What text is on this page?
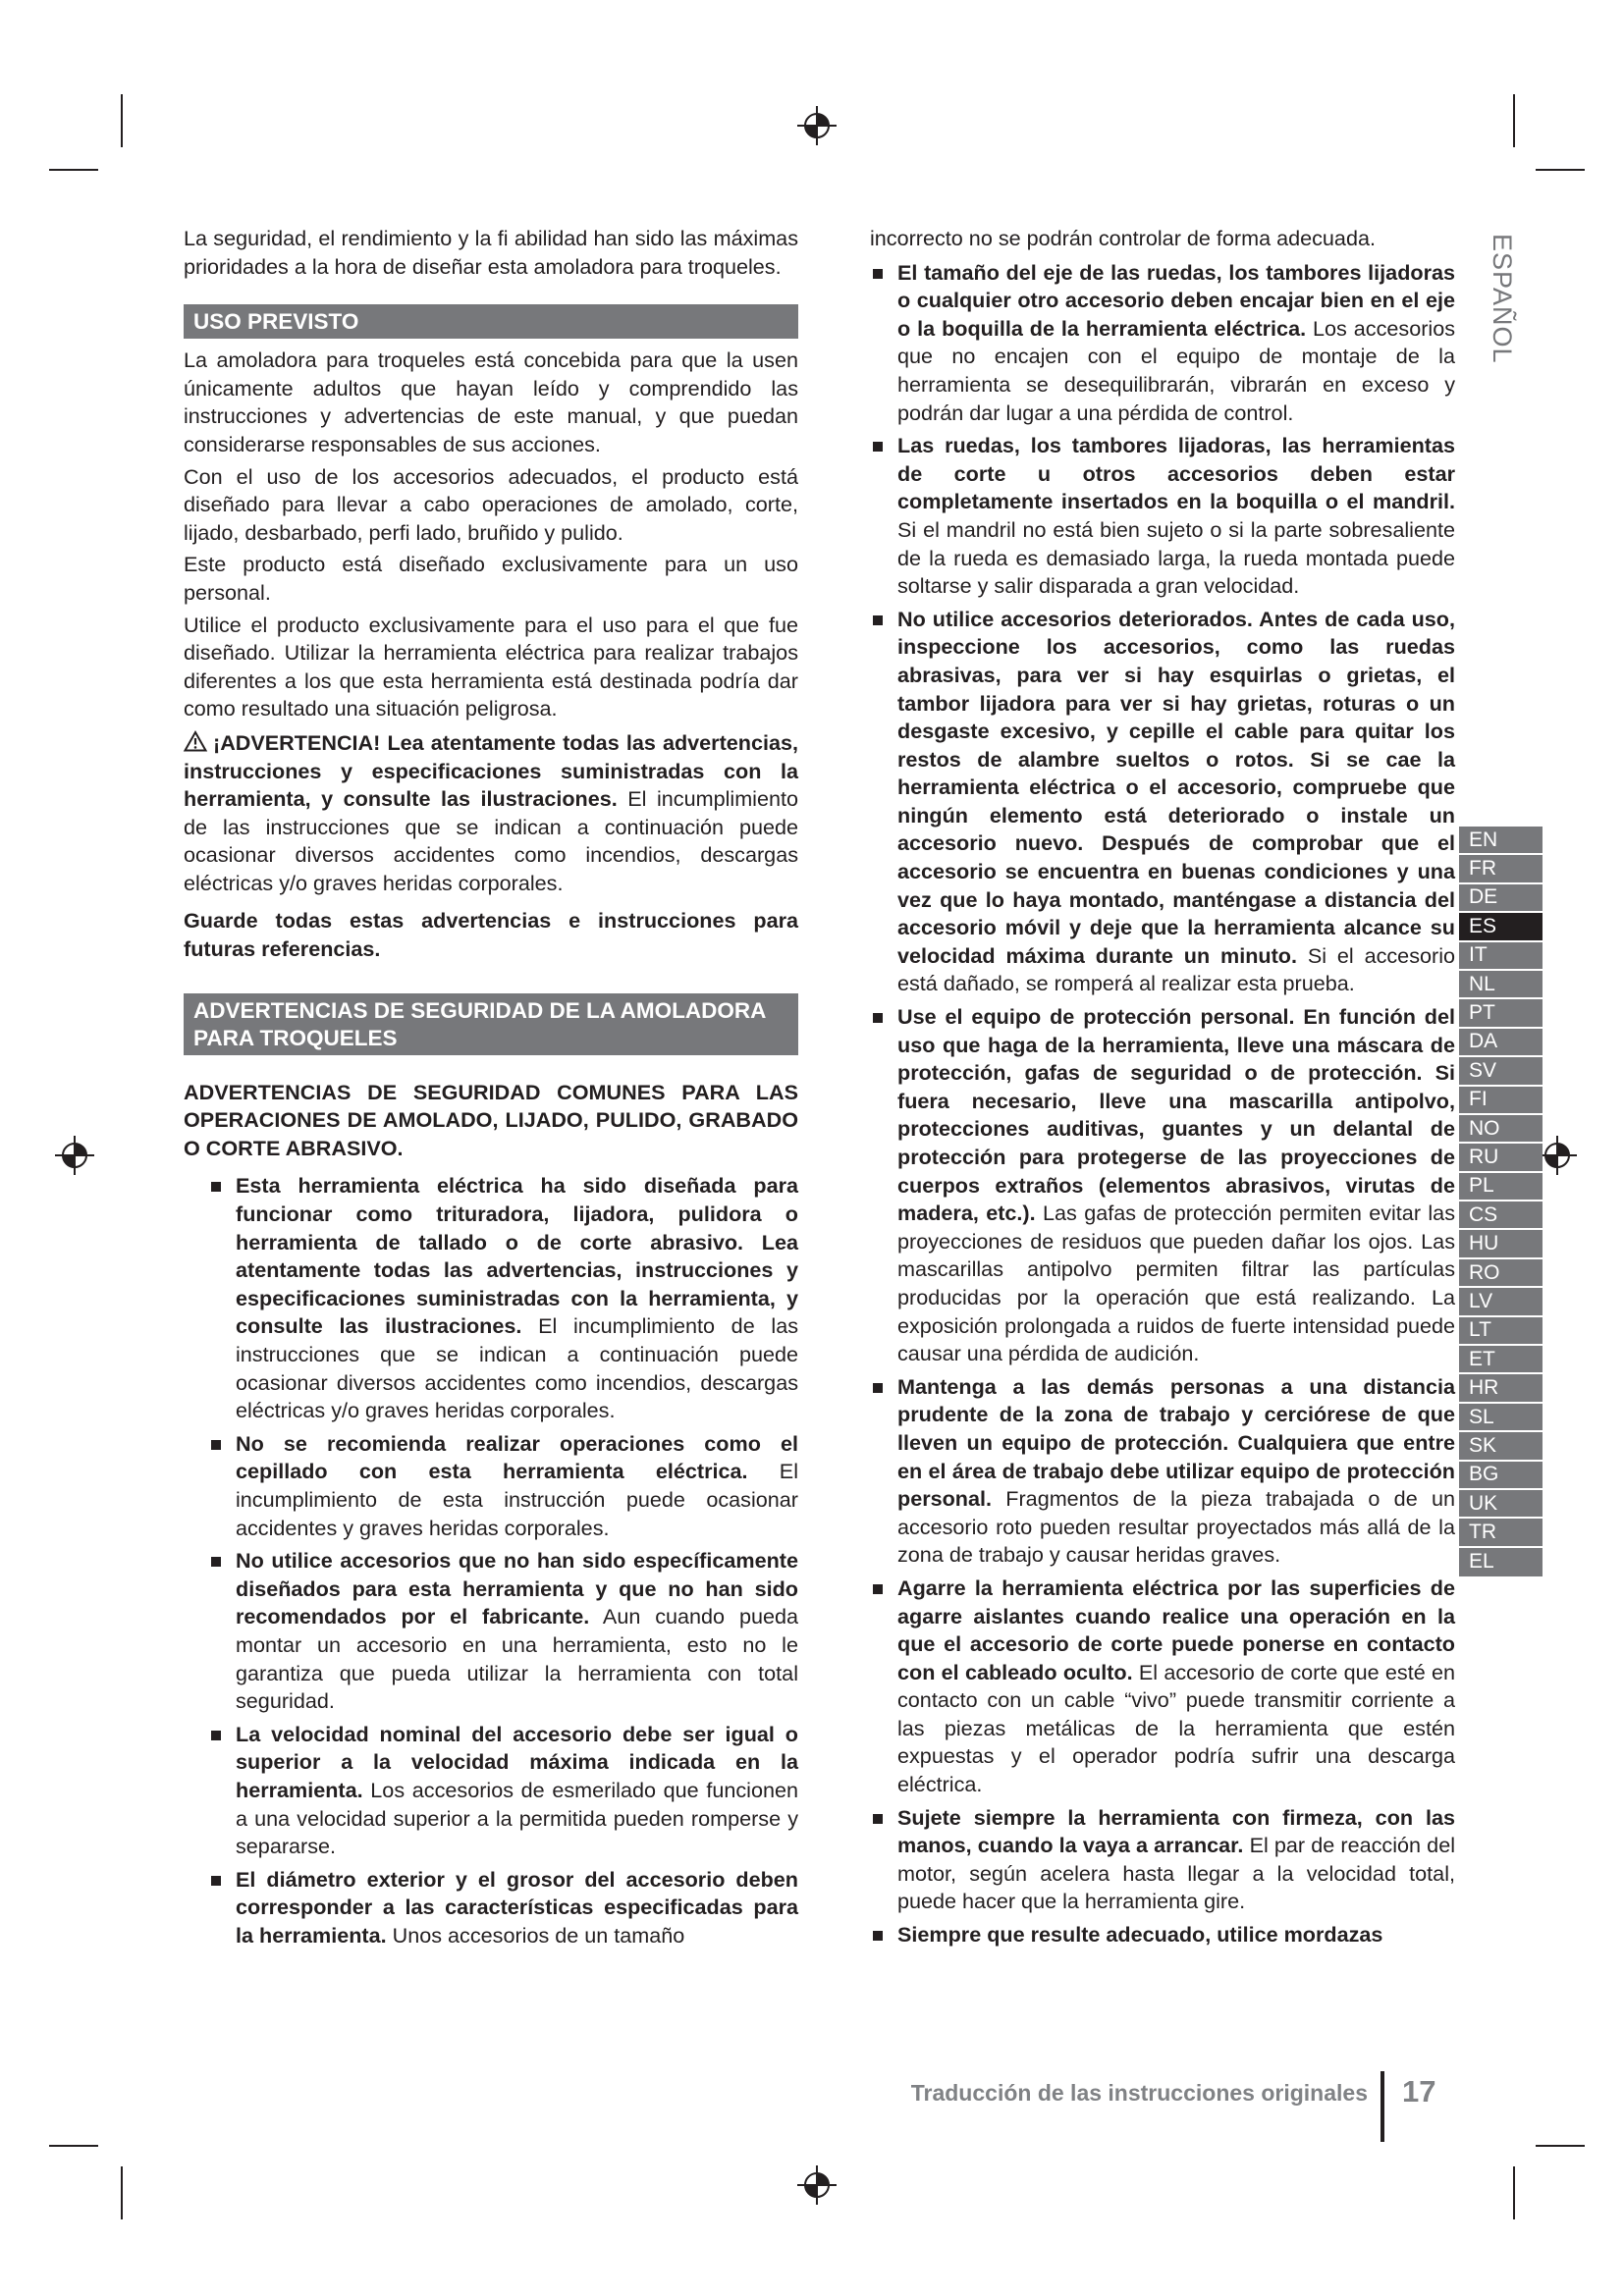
ESPAÑOL

La seguridad, el rendimiento y la fi abilidad han sido las máximas prioridades a la hora de diseñar esta amoladora para troqueles.

USO PREVISTO

La amoladora para troqueles está concebida para que la usen únicamente adultos que hayan leído y comprendido las instrucciones y advertencias de este manual, y que puedan considerarse responsables de sus acciones.

Con el uso de los accesorios adecuados, el producto está diseñado para llevar a cabo operaciones de amolado, corte, lijado, desbarbado, perfi lado, bruñido y pulido.

Este producto está diseñado exclusivamente para un uso personal.

Utilice el producto exclusivamente para el uso para el que fue diseñado. Utilizar la herramienta eléctrica para realizar trabajos diferentes a los que esta herramienta está destinada podría dar como resultado una situación peligrosa.

¡ADVERTENCIA! Lea atentamente todas las advertencias, instrucciones y especificaciones suministradas con la herramienta, y consulte las ilustraciones. El incumplimiento de las instrucciones que se indican a continuación puede ocasionar diversos accidentes como incendios, descargas eléctricas y/o graves heridas corporales.

Guarde todas estas advertencias e instrucciones para futuras referencias.

ADVERTENCIAS DE SEGURIDAD DE LA AMOLADORA PARA TROQUELES
ADVERTENCIAS DE SEGURIDAD COMUNES PARA LAS OPERACIONES DE AMOLADO, LIJADO, PULIDO, GRABADO O CORTE ABRASIVO.
Esta herramienta eléctrica ha sido diseñada para funcionar como trituradora, lijadora, pulidora o herramienta de tallado o de corte abrasivo. Lea atentamente todas las advertencias, instrucciones y especificaciones suministradas con la herramienta, y consulte las ilustraciones. El incumplimiento de las instrucciones que se indican a continuación puede ocasionar diversos accidentes como incendios, descargas eléctricas y/o graves heridas corporales.
No se recomienda realizar operaciones como el cepillado con esta herramienta eléctrica. El incumplimiento de esta instrucción puede ocasionar accidentes y graves heridas corporales.
No utilice accesorios que no han sido específicamente diseñados para esta herramienta y que no han sido recomendados por el fabricante. Aun cuando pueda montar un accesorio en una herramienta, esto no le garantiza que pueda utilizar la herramienta con total seguridad.
La velocidad nominal del accesorio debe ser igual o superior a la velocidad máxima indicada en la herramienta. Los accesorios de esmerilado que funcionen a una velocidad superior a la permitida pueden romperse y separarse.
El diámetro exterior y el grosor del accesorio deben corresponder a las características especificadas para la herramienta. Unos accesorios de un tamaño

incorrecto no se podrán controlar de forma adecuada.

El tamaño del eje de las ruedas, los tambores lijadoras o cualquier otro accesorio deben encajar bien en el eje o la boquilla de la herramienta eléctrica. Los accesorios que no encajen con el equipo de montaje de la herramienta se desequilibrarán, vibrarán en exceso y podrán dar lugar a una pérdida de control.
Las ruedas, los tambores lijadoras, las herramientas de corte u otros accesorios deben estar completamente insertados en la boquilla o el mandril. Si el mandril no está bien sujeto o si la parte sobresaliente de la rueda es demasiado larga, la rueda montada puede soltarse y salir disparada a gran velocidad.
No utilice accesorios deteriorados. Antes de cada uso, inspeccione los accesorios, como las ruedas abrasivas, para ver si hay esquirlas o grietas, el tambor lijadora para ver si hay grietas, roturas o un desgaste excesivo, y cepille el cable para quitar los restos de alambre sueltos o rotos. Si se cae la herramienta eléctrica o el accesorio, compruebe que ningún elemento está deteriorado o instale un accesorio nuevo. Después de comprobar que el accesorio se encuentra en buenas condiciones y una vez que lo haya montado, manténgase a distancia del accesorio móvil y deje que la herramienta alcance su velocidad máxima durante un minuto. Si el accesorio está dañado, se romperá al realizar esta prueba.
Use el equipo de protección personal. En función del uso que haga de la herramienta, lleve una máscara de protección, gafas de seguridad o de protección. Si fuera necesario, lleve una mascarilla antipolvo, protecciones auditivas, guantes y un delantal de protección para protegerse de las proyecciones de cuerpos extraños (elementos abrasivos, virutas de madera, etc.). Las gafas de protección permiten evitar las proyecciones de residuos que pueden dañar los ojos. Las mascarillas antipolvo permiten filtrar las partículas producidas por la operación que está realizando. La exposición prolongada a ruidos de fuerte intensidad puede causar una pérdida de audición.
Mantenga a las demás personas a una distancia prudente de la zona de trabajo y cerciórese de que lleven un equipo de protección. Cualquiera que entre en el área de trabajo debe utilizar equipo de protección personal. Fragmentos de la pieza trabajada o de un accesorio roto pueden resultar proyectados más allá de la zona de trabajo y causar heridas graves.
Agarre la herramienta eléctrica por las superficies de agarre aislantes cuando realice una operación en la que el accesorio de corte puede ponerse en contacto con el cableado oculto. El accesorio de corte que esté en contacto con un cable “vivo” puede transmitir corriente a las piezas metálicas de la herramienta que estén expuestas y el operador podría sufrir una descarga eléctrica.
Sujete siempre la herramienta con firmeza, con las manos, cuando la vaya a arrancar. El par de reacción del motor, según acelera hasta llegar a la velocidad total, puede hacer que la herramienta gire.
Siempre que resulte adecuado, utilice mordazas
EN
FR
DE
ES
IT
NL
PT
DA
SV
FI
NO
RU
PL
CS
HU
RO
LV
LT
ET
HR
SL
SK
BG
UK
TR
EL
Traducción de las instrucciones originales 17
